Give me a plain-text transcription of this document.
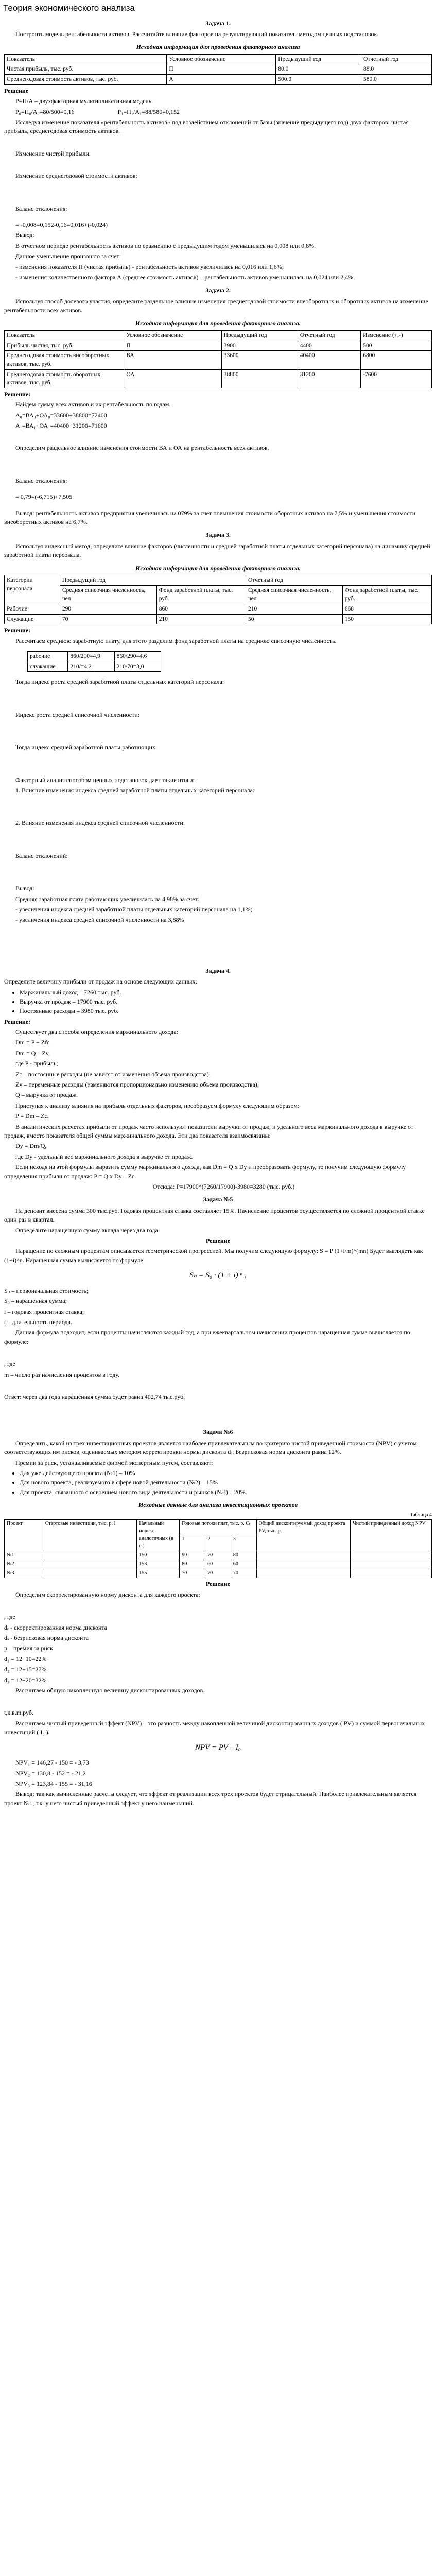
Теория экономического анализа
Задача 1.

Построить модель рентабельности активов. Рассчитайте влияние факторов на результирующий показатель методом цепных подстановок.

Исходная информация для проведения факторного анализа
Показатель	Условное обозначение	Предыдущий год	Отчетный год
Чистая прибыль, тыс. руб.	П	80.0	88.0
Среднегодовая стоимость активов, тыс. руб.	А	500.0	580.0

Решение

Р=П/А – двухфакторная мультипликативная модель.

Р₀=П₀/А₀=80/500=0,16	Р₁=П₁/А₁=88/580=0,152

Исследуя изменение показателя «рентабельность активов» под воздействием отклонений от базы (значение предыдущего год) двух факторов: чистая прибыль, среднегодовая стоимость активов.

Изменение чистой прибыли.

Изменение среднегодовой стоимости активов:

Баланс отклонения:

= -0,008=0,152-0,16=0,016+(-0,024)

Вывод:

В отчетном периоде рентабельность активов по сравнению с предыдущим годом уменьшилась на 0,008 или 0,8%.

Данное уменьшение произошло за счет:

- изменения показателя П (чистая прибыль) - рентабельность активов увеличилась на 0,016 или 1,6%;

- изменения количественного фактора А (среднее стоимость активов) – рентабельность активов уменьшилась на 0,024 или 2,4%.

Задача 2.

Используя способ долевого участия, определите раздельное влияние изменения среднегодовой стоимости внеоборотных и оборотных активов на изменение рентабельности всех активов.

Исходная информация для проведения факторного анализа.
Показатель	Условное обозначение	Предыдущий год	Отчетный год	Изменение (+,-)
Прибыль чистая, тыс. руб.	П	3900	4400	500
Среднегодовая стоимость внеоборотных активов, тыс. руб.	ВА	33600	40400	6800
Среднегодовая стоимость оборотных активов, тыс. руб.	ОА	38800	31200	-7600

Решение:

Найдем сумму всех активов и их рентабельность по годам.

А₀=ВА₀+ОА₀=33600+38800=72400

А₁=ВА₁+ОА₁=40400+31200=71600

Определим раздельное влияние изменения стоимости ВА и ОА на рентабельность всех активов.

Баланс отклонения:

= 0,79=(-6,715)+7,505

Вывод: рентабельность активов предприятия увеличилась на 079% за счет повышения стоимости оборотных активов на 7,5% и уменьшения стоимости внеоборотных активов на 6,7%.

Задача 3.

Используя индексный метод, определите влияние факторов (численности и средней заработной платы отдельных категорий персонала) на динамику средней заработной платы персонала.

Исходная информация для проведения факторного анализа.
Категории персонала	Предыдущий год		Отчетный год	
	Средняя списочная численность, чел	Фонд заработной платы, тыс. руб.	Средняя списочная численность, чел	Фонд заработной платы, тыс. руб.
Рабочие	290	860	210	668
Служащие	70	210	50	150

Решение:

Рассчитаем среднюю заработную плату, для этого разделим фонд заработной платы на среднюю списочную численность.

рабочие	860/210=4,9	860/290=4,6
служащие	210/=4,2	210/70=3,0

Тогда индекс роста средней заработной платы отдельных категорий персонала:

Индекс роста средней списочной численности:

Тогда индекс средней заработной платы работающих:

Факторный анализ способом цепных подстановок дает такие итоги:

1. Влияние изменения индекса средней заработной платы отдельных категорий персонала:

2. Влияние изменения индекса средней списочной численности:

Баланс отклонений:

Вывод:

Средняя заработная плата работающих увеличилась на 4,98% за счет:

- увеличения индекса средней заработной платы отдельных категорий персонала на 1,1%;

- увеличения индекса средней списочной численности на 3,88%

Задача 4.

Определите величину прибыли от продаж на основе следующих данных:

• Маржинальный доход – 7260 тыс. руб.
• Выручка от продаж – 17900 тыс. руб.
• Постоянные расходы – 3980 тыс. руб.

Решение:

Существует два способа определения маржинального дохода:

Dm = P + Zfc

Dm = Q – Zv,

где P - прибыль;

Zc – постоянные расходы (не зависят от изменения объема производства);

Zv – переменные расходы (изменяются пропорционально изменению объема производства);

Q – выручка от продаж.

Приступая к анализу влияния на прибыль отдельных факторов, преобразуем формулу следующим образом:

P = Dm – Zc.

В аналитических расчетах прибыли от продаж часто используют показатели выручки от продаж, и удельного веса маржинального дохода в выручке от продаж, вместо показателя общей суммы маржинального дохода. Эти два показателя взаимосвязаны:

Dy = Dm/Q,

где Dy - удельный вес маржинального дохода в выручке от продаж.

Если исходя из этой формулы выразить сумму маржинального дохода, как Dm = Q x Dy и преобразовать формулу, то получим следующую формулу определения прибыли от продаж: P = Q x Dy – Zc.

Отсюда: P=17900*(7260/17900)-3980=3280 (тыс. руб.)

Задача №5

На депозит внесена сумма 300 тыс.руб. Годовая процентная ставка составляет 15%. Начисление процентов осуществляется по сложной процентной ставке один раз в квартал.

Определите наращенную сумму вклада через два года.

Решение

Наращение по сложным процентам описывается геометрической прогрессией. Мы получим следующую формулу: S = P (1+i/m)^(mn) Будет выглядеть как (1+i)^n. Наращенная сумма вычисляется по формуле:

Sₙ = S₀ · (1 + i) ⁿ ,

Sₙ – первоначальная стоимость;

S₀ – наращенная сумма;

i – годовая процентная ставка;

t – длительность периода.

Данная формула подходит, если проценты начисляются каждый год, а при ежеквартальном начислении процентов наращенная сумма вычисляется по формуле:

, где

m – число раз начисления процентов в году.

Ответ: через два года наращенная сумма будет равна 402,74 тыс.руб.

Задача №6

Определить, какой из трех инвестиционных проектов является наиболее привлекательным по критерию чистой приведенной стоимости (NPV) с учетом соответствующих им рисков, оцениваемых методом корректировки нормы дисконта dₑ. Безрисковая норма дисконта равна 12%.

Премии за риск, устанавливаемые фирмой экспертным путем, составляют:

• Для уже действующего проекта (№1) – 10%
• Для нового проекта, реализуемого в сфере новой деятельности (№2) – 15%
• Для проекта, связанного с освоением нового вида деятельности и рынков (№3) – 20%.
Исходные данные для анализа инвестиционных проектов
Таблица 4
Проект	Стартовые инвестиции, тыс. р. I	Начальный индекс аналогичных (в с.)	Годовые потоки плат, тыс. р. Cₜ			Общий дисконтируемый доход проекта PV, тыс. р.	Чистый приведенный доход NPV
			1	2	3		
№1		150	90	70	80		
№2		153	80	60	60		
№3		155	70	70	70		

Решение

Определим скорректированную норму дисконта для каждого проекта:

, где

dₑ - скорректированная норма дисконта

dₐ - безрисковая норма дисконта

p – премия за риск

d₁ = 12+10=22%

d₂ = 12+15=27%

d₃ = 12+20=32%

Рассчитаем общую накопленную величину дисконтированных доходов.

t,к.в.m.руб.

Рассчитаем чистый приведенный эффект (NPV) – это разность между накопленной величиной дисконтированных доходов ( PV) и суммой первоначальных инвестиций ( I₀ ).

NPV = PV – I₀

NPV₁ = 146,27 - 150 = - 3,73

NPV₂ = 130,8 - 152 = - 21,2

NPV₃ = 123,84 - 155 = - 31,16

Вывод: так как вычисленные расчеты следует, что эффект от реализации всех трех проектов будет отрицательный. Наиболее привлекательным является проект №1, т.к. у него чистый приведенный эффект у него наименьший.
